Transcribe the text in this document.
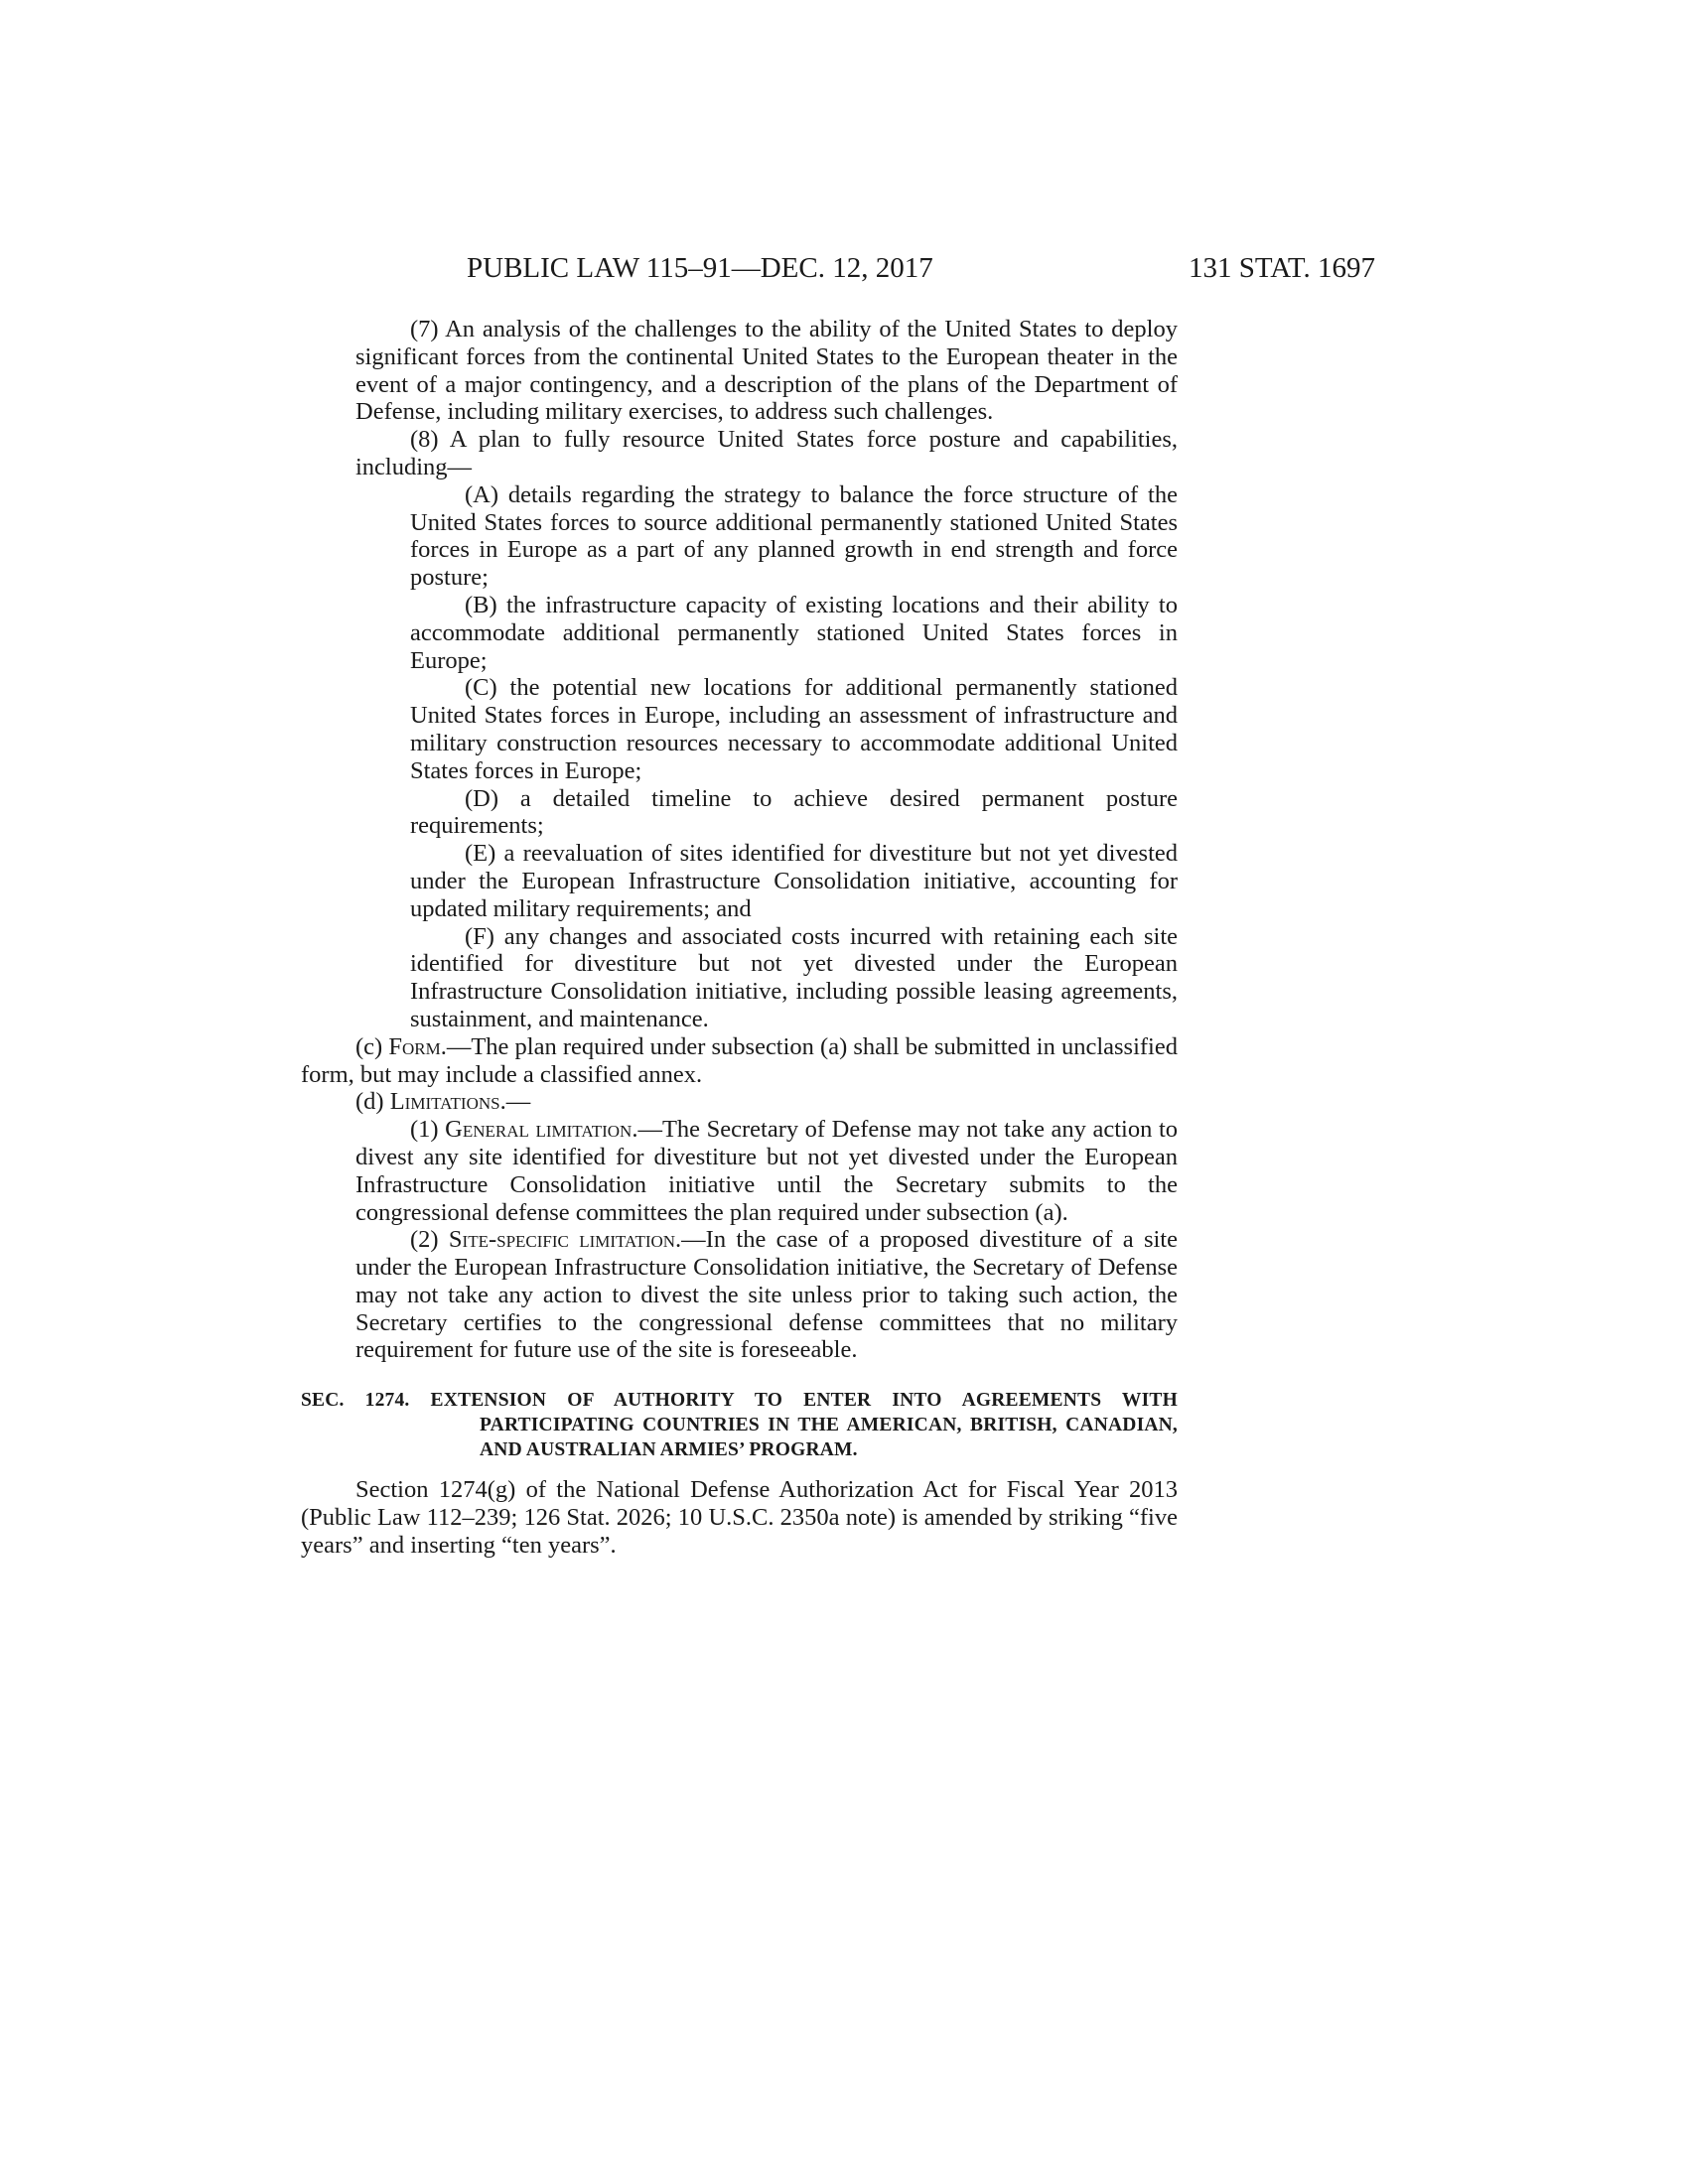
PUBLIC LAW 115–91—DEC. 12, 2017	131 STAT. 1697

(7) An analysis of the challenges to the ability of the United States to deploy significant forces from the continental United States to the European theater in the event of a major contingency, and a description of the plans of the Department of Defense, including military exercises, to address such challenges.

(8) A plan to fully resource United States force posture and capabilities, including—

(A) details regarding the strategy to balance the force structure of the United States forces to source additional permanently stationed United States forces in Europe as a part of any planned growth in end strength and force posture;

(B) the infrastructure capacity of existing locations and their ability to accommodate additional permanently stationed United States forces in Europe;

(C) the potential new locations for additional permanently stationed United States forces in Europe, including an assessment of infrastructure and military construction resources necessary to accommodate additional United States forces in Europe;

(D) a detailed timeline to achieve desired permanent posture requirements;

(E) a reevaluation of sites identified for divestiture but not yet divested under the European Infrastructure Consolidation initiative, accounting for updated military requirements; and

(F) any changes and associated costs incurred with retaining each site identified for divestiture but not yet divested under the European Infrastructure Consolidation initiative, including possible leasing agreements, sustainment, and maintenance.

(c) Form.—The plan required under subsection (a) shall be submitted in unclassified form, but may include a classified annex.

(d) Limitations.—

(1) General limitation.—The Secretary of Defense may not take any action to divest any site identified for divestiture but not yet divested under the European Infrastructure Consolidation initiative until the Secretary submits to the congressional defense committees the plan required under subsection (a).

(2) Site-specific limitation.—In the case of a proposed divestiture of a site under the European Infrastructure Consolidation initiative, the Secretary of Defense may not take any action to divest the site unless prior to taking such action, the Secretary certifies to the congressional defense committees that no military requirement for future use of the site is foreseeable.

SEC. 1274. EXTENSION OF AUTHORITY TO ENTER INTO AGREEMENTS WITH PARTICIPATING COUNTRIES IN THE AMERICAN, BRITISH, CANADIAN, AND AUSTRALIAN ARMIES’ PROGRAM.

Section 1274(g) of the National Defense Authorization Act for Fiscal Year 2013 (Public Law 112–239; 126 Stat. 2026; 10 U.S.C. 2350a note) is amended by striking “five years” and inserting “ten years”.
